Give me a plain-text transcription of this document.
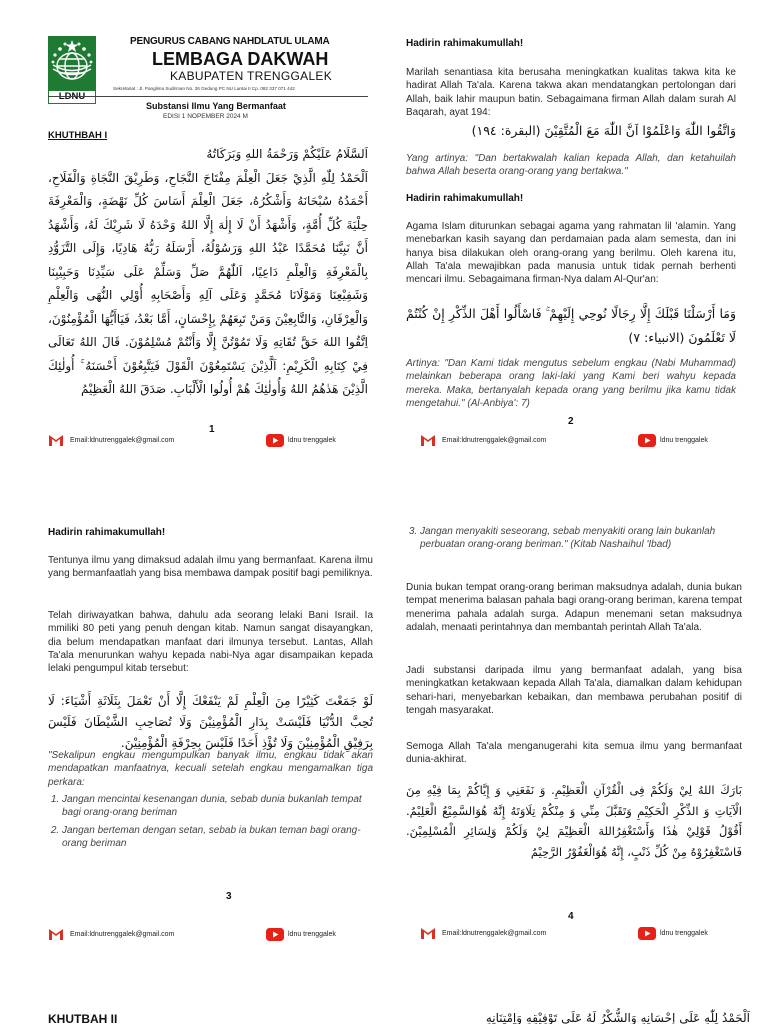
PENGURUS CABANG NAHDLATUL ULAMA
LEMBAGA DAKWAH
KABUPATEN TRENGGALEK
Sekretariat : Jl. Panglima Sudirman No. 26 Gedung PC NU Lantai II Cp. 082 337 071 442
Substansi Ilmu Yang Bermanfaat
EDISI 1 NOPEMBER 2024 M
KHUTHBAH I
اَلسَّلَامُ عَلَيْكُمْ وَرَحْمَةُ اللهِ وَبَرَكَاتُهُ
اَلْحَمْدُ لِلّٰهِ الَّذِيْ جَعَلَ الْعِلْمَ مِفْتَاحَ النَّجَاحِ، وَطَرِيْقَ النَّجَاةِ وَالْفَلَاحِ، أَحْمَدُهُ سُبْحَانَهُ وَأَشْكُرُهُ، جَعَلَ الْعِلْمَ أَسَاسَ كُلِّ نَهْضَةٍ، وَالْمَعْرِفَةَ حِلْيَةَ كُلِّ أُمَّةٍ، وَأَشْهَدُ أَنْ لَا إِلٰهَ إِلَّا اللهُ وَحْدَهُ لَا شَرِيْكَ لَهُ، وَأَشْهَدُ أَنَّ نَبِيَّنَا مُحَمَّدًا عَبْدُ اللهِ وَرَسُوْلُهُ، أَرْسَلَهُ رَبُّهُ هَادِيًا، وَإِلَى التَّزَوُّدِ بِالْمَعْرِفَةِ وَالْعِلْمِ دَاعِيًا، اَللّٰهُمَّ صَلِّ وَسَلِّمْ عَلَى سَيِّدِنَا وَحَبِيْبِنَا وَشَفِيْعِنَا وَمَوْلَانَا مُحَمَّدٍ وَعَلَى آلِهِ وَأَصْحَابِهِ أُوْلِي النُّهَى وَالْعِلْمِ وَالْعِرْفَانِ، وَالتَّابِعِيْنَ وَمَنْ تَبِعَهُمْ بِإِحْسَانٍ، أَمَّا بَعْدُ، فَيَاأَيُّهَا الْمُؤْمِنُوْنَ، اِتَّقُوا اللهَ حَقَّ تُقَاتِهِ وَلَا تَمُوْتُنَّ إِلَّا وَأَنْتُمْ مُسْلِمُوْنَ. قَالَ اللهُ تَعَالَى فِيْ كِتَابِهِ الْكَرِيْمِ: اَلَّذِيْنَ يَسْتَمِعُوْنَ الْقَوْلَ فَيَتَّبِعُوْنَ أَحْسَنَهُ ۚ أُولٰئِكَ الَّذِيْنَ هَدٰهُمُ اللهُ وَأُولٰئِكَ هُمْ أُولُوا الْأَلْبَابِ. صَدَقَ اللهُ الْعَظِيْمُ
1
Email:ldnutrenggalek@gmail.com	ldnu trenggalek
Hadirin rahimakumullah!
Marilah senantiasa kita berusaha meningkatkan kualitas takwa kita ke hadirat Allah Ta'ala. Karena takwa akan mendatangkan pertolongan dari Allah, baik lahir maupun batin. Sebagaimana firman Allah dalam surah Al Baqarah, ayat 194:
وَاتَّقُوا اللّٰهَ وَاعْلَمُوْا اَنَّ اللّٰهَ مَعَ الْمُتَّقِيْنَ (البقرة: ١٩٤)
Yang artinya: "Dan bertakwalah kalian kepada Allah, dan ketahuilah bahwa Allah beserta orang-orang yang bertakwa."
Hadirin rahimakumullah!
Agama Islam diturunkan sebagai agama yang rahmatan lil 'alamin. Yang menebarkan kasih sayang dan perdamaian pada alam semesta, dan ini hanya bisa dilakukan oleh orang-orang yang berilmu. Oleh karena itu, Allah Ta'ala mewajibkan pada manusia untuk tidak pernah berhenti mencari ilmu. Sebagaimana firman-Nya dalam Al-Qur'an:
وَمَا أَرْسَلْنَا قَبْلَكَ إِلَّا رِجَالًا نُوحِي إِلَيْهِمْ ۚ فَاسْأَلُوا أَهْلَ الذِّكْرِ إِنْ كُنْتُمْ لَا تَعْلَمُونَ (الانبياء: ٧)
Artinya: "Dan Kami tidak mengutus sebelum engkau (Nabi Muhammad) melainkan beberapa orang laki-laki yang Kami beri wahyu kepada mereka. Maka, bertanyalah kepada orang yang berilmu jika kamu tidak mengetahui." (Al-Anbiya': 7)
2
Email:ldnutrenggalek@gmail.com	ldnu trenggalek
Hadirin rahimakumullah!
Tentunya ilmu yang dimaksud adalah ilmu yang bermanfaat. Karena ilmu yang bermanfaatlah yang bisa membawa dampak positif bagi pemiliknya.
Telah diriwayatkan bahwa, dahulu ada seorang lelaki Bani Israil. Ia mmiliki 80 peti yang penuh dengan kitab. Namun sangat disayangkan, dia belum mendapatkan manfaat dari ilmunya tersebut. Lantas, Allah Ta'ala menurunkan wahyu kepada nabi-Nya agar disampaikan kepada lelaki pengumpul kitab tersebut:
لَوْ جَمَعْتَ كَثِيْرًا مِنَ الْعِلْمِ لَمْ يَنْفَعْكَ إِلَّا أَنْ تَعْمَلَ بِثَلَاثَةِ أَشْيَاءَ: لَا تُحِبَّ الدُّنْيَا فَلَيْسَتْ بِدَارِ الْمُؤْمِنِيْنَ وَلَا تُصَاحِبِ الشَّيْطَانَ فَلَيْسَ بِرَفِيْقِ الْمُؤْمِنِيْنَ وَلَا تُؤْذِ أَحَدًا فَلَيْسَ بِحِرْفَةِ الْمُؤْمِنِيْنَ.
"Sekalipun engkau mengumpulkan banyak ilmu, engkau tidak akan mendapatkan manfaatnya, kecuali setelah engkau mengamalkan tiga perkara:
1. Jangan mencintai kesenangan dunia, sebab dunia bukanlah tempat bagi orang-orang beriman
2. Jangan berteman dengan setan, sebab ia bukan teman bagi orang-orang beriman
3
Email:ldnutrenggalek@gmail.com	ldnu trenggalek
3. Jangan menyakiti seseorang, sebab menyakiti orang lain bukanlah perbuatan orang-orang beriman." (Kitab Nashaihul 'Ibad)
Dunia bukan tempat orang-orang beriman maksudnya adalah, dunia bukan tempat menerima balasan pahala bagi orang-orang beriman, karena tempat menerima pahala adalah surga. Adapun menemani setan maksudnya adalah, menaati perintahnya dan membantah perintah Allah Ta'ala.
Jadi substansi daripada ilmu yang bermanfaat adalah, yang bisa meningkatkan ketakwaan kepada Allah Ta'ala, diamalkan dalam kehidupan sehari-hari, menyebarkan kebaikan, dan membawa perubahan positif di tengah masyarakat.
Semoga Allah Ta'ala menganugerahi kita semua ilmu yang bermanfaat dunia-akhirat.
بَارَكَ اللهُ لِيْ وَلَكُمْ فِى الْقُرْآنِ الْعَظِيْمِ. وَ نَفَعَنِي وَ إِيَّاكُمْ بِمَا فِيْهِ مِنَ الْآيَاتِ وَ الذِّكْرِ الْحَكِيْمِ وَتَقَبَّلَ مِنِّي وَ مِنْكُمْ تِلَاوَتَهُ إِنَّهُ هُوَالسَّمِيْعُ الْعَلِيْمُ. أَقُوْلُ قَوْلِيْ هٰذَا وَأَسْتَغْفِرُاللهَ الْعَظِيْمَ لِيْ وَلَكُمْ وَلِسَائِرِ الْمُسْلِمِيْنَ. فَاسْتَغْفِرُوْهُ مِنْ كُلِّ ذَنْبٍ، إِنَّهُ هُوَالْغَفُوْرُ الرَّحِيْمُ
4
Email:ldnutrenggalek@gmail.com	ldnu trenggalek
KHUTBAH II	اَلْحَمْدُ لِلّٰهِ عَلَى إِحْسَانِهِ وَالشُّكْرُ لَهُ عَلَى تَوْفِيْقِهِ وَاِمْتِنَانِهِ
